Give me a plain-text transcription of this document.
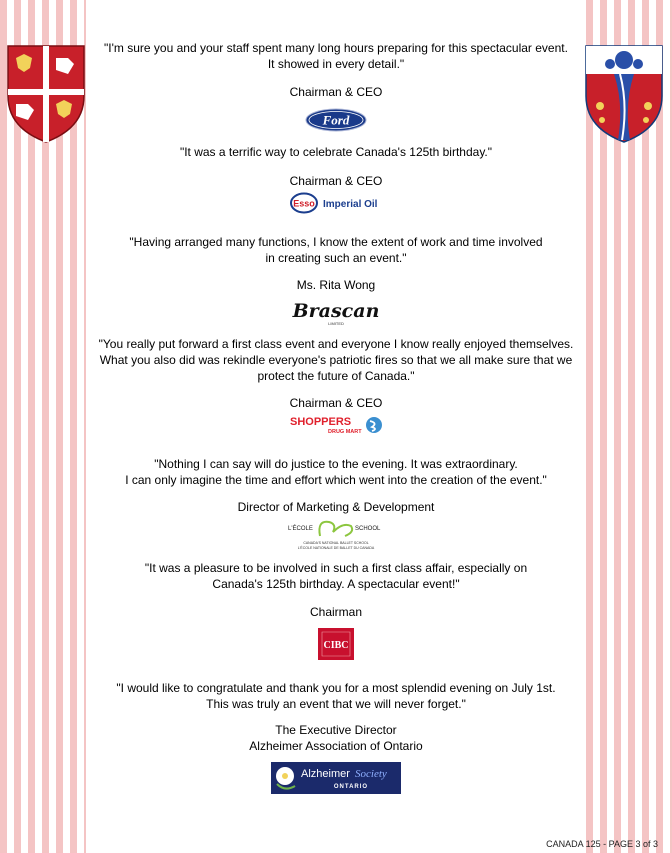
"I'm sure you and your staff spent many long hours preparing for this spectacular event.
It showed in every detail."
Chairman & CEO
Ford
"It was a terrific way to celebrate Canada's 125th birthday."
Chairman & CEO
Esso Imperial Oil
"Having arranged many functions, I know the extent of work and time involved
in creating such an event."
Ms. Rita Wong
Brascan
LIMITED
"You really put forward a first class event and everyone I know really enjoyed themselves.
What you also did was rekindle everyone's patriotic fires so that we all make sure that we
protect the future of Canada."
Chairman & CEO
SHOPPERS
DRUG MART
"Nothing I can say will do justice to the evening. It was extraordinary.
I can only imagine the time and effort which went into the creation of the event."
Director of Marketing & Development
L'ÉCOLE	SCHOOL
CANADA'S NATIONAL BALLET SCHOOL
L'ÉCOLE NATIONALE DE BALLET DU CANADA
"It was a pleasure to be involved in such a first class affair, especially on
Canada's 125th birthday. A spectacular event!"
Chairman
CIBC
"I would like to congratulate and thank you for a most splendid evening on July 1st.
This was truly an event that we will never forget."
The Executive Director
Alzheimer Association of Ontario
Alzheimer Society
ONTARIO
CANADA 125 - PAGE 3 of 3
